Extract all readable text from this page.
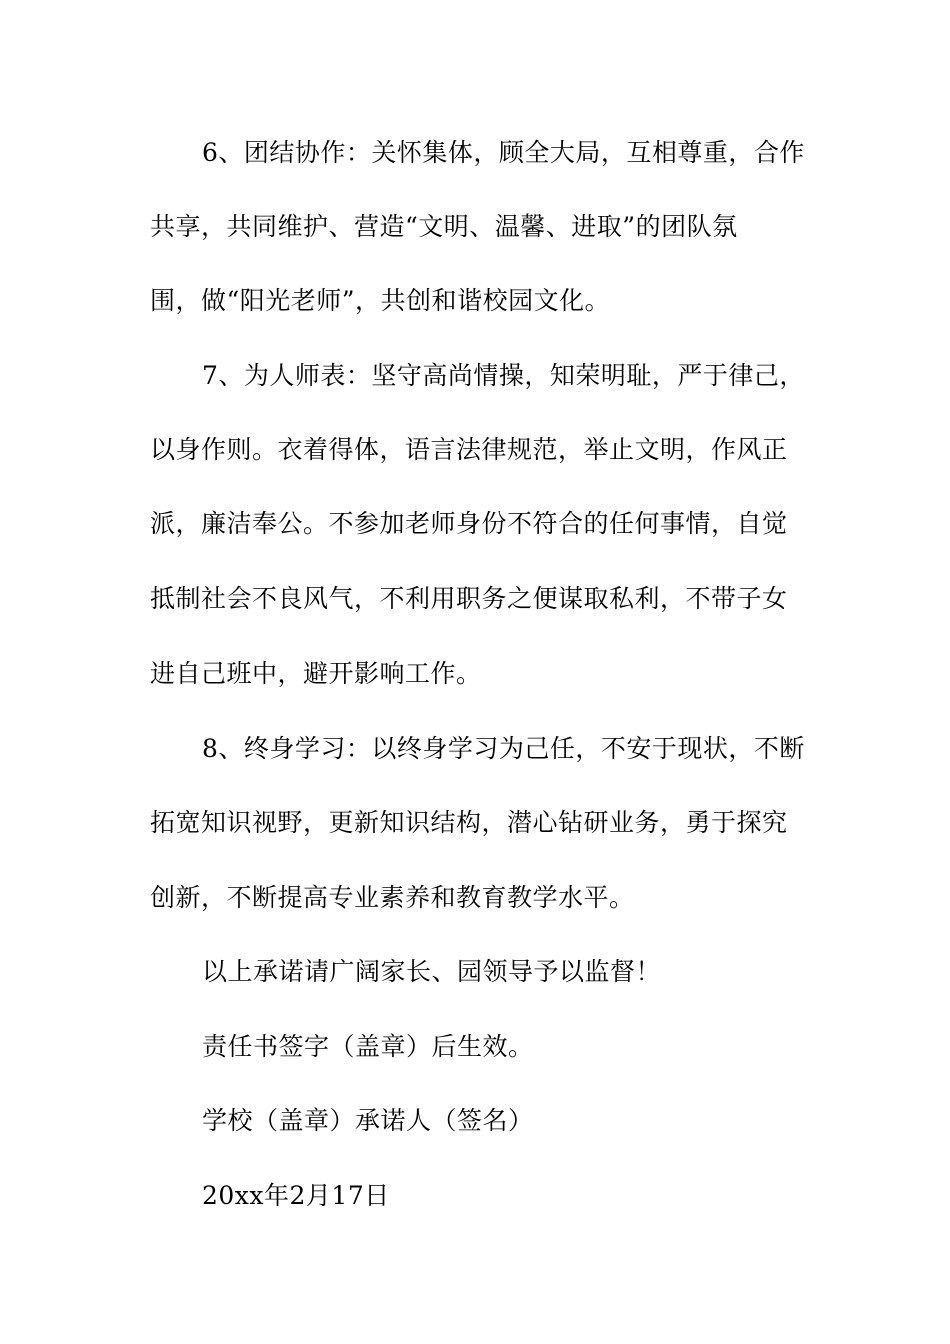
6、团结协作：关怀集体，顾全大局，互相尊重，合作
共享，共同维护、营造“文明、温馨、进取”的团队氛
围，做“阳光老师”，共创和谐校园文化。
7、为人师表：坚守高尚情操，知荣明耻，严于律己，
以身作则。衣着得体，语言法律规范，举止文明，作风正
派，廉洁奉公。不参加老师身份不符合的任何事情，自觉
抵制社会不良风气，不利用职务之便谋取私利，不带子女
进自己班中，避开影响工作。
8、终身学习：以终身学习为己任，不安于现状，不断
拓宽知识视野，更新知识结构，潜心钻研业务，勇于探究
创新，不断提高专业素养和教育教学水平。
以上承诺请广阔家长、园领导予以监督！
责任书签字（盖章）后生效。
学校（盖章）承诺人（签名）
20xx年2月17日
